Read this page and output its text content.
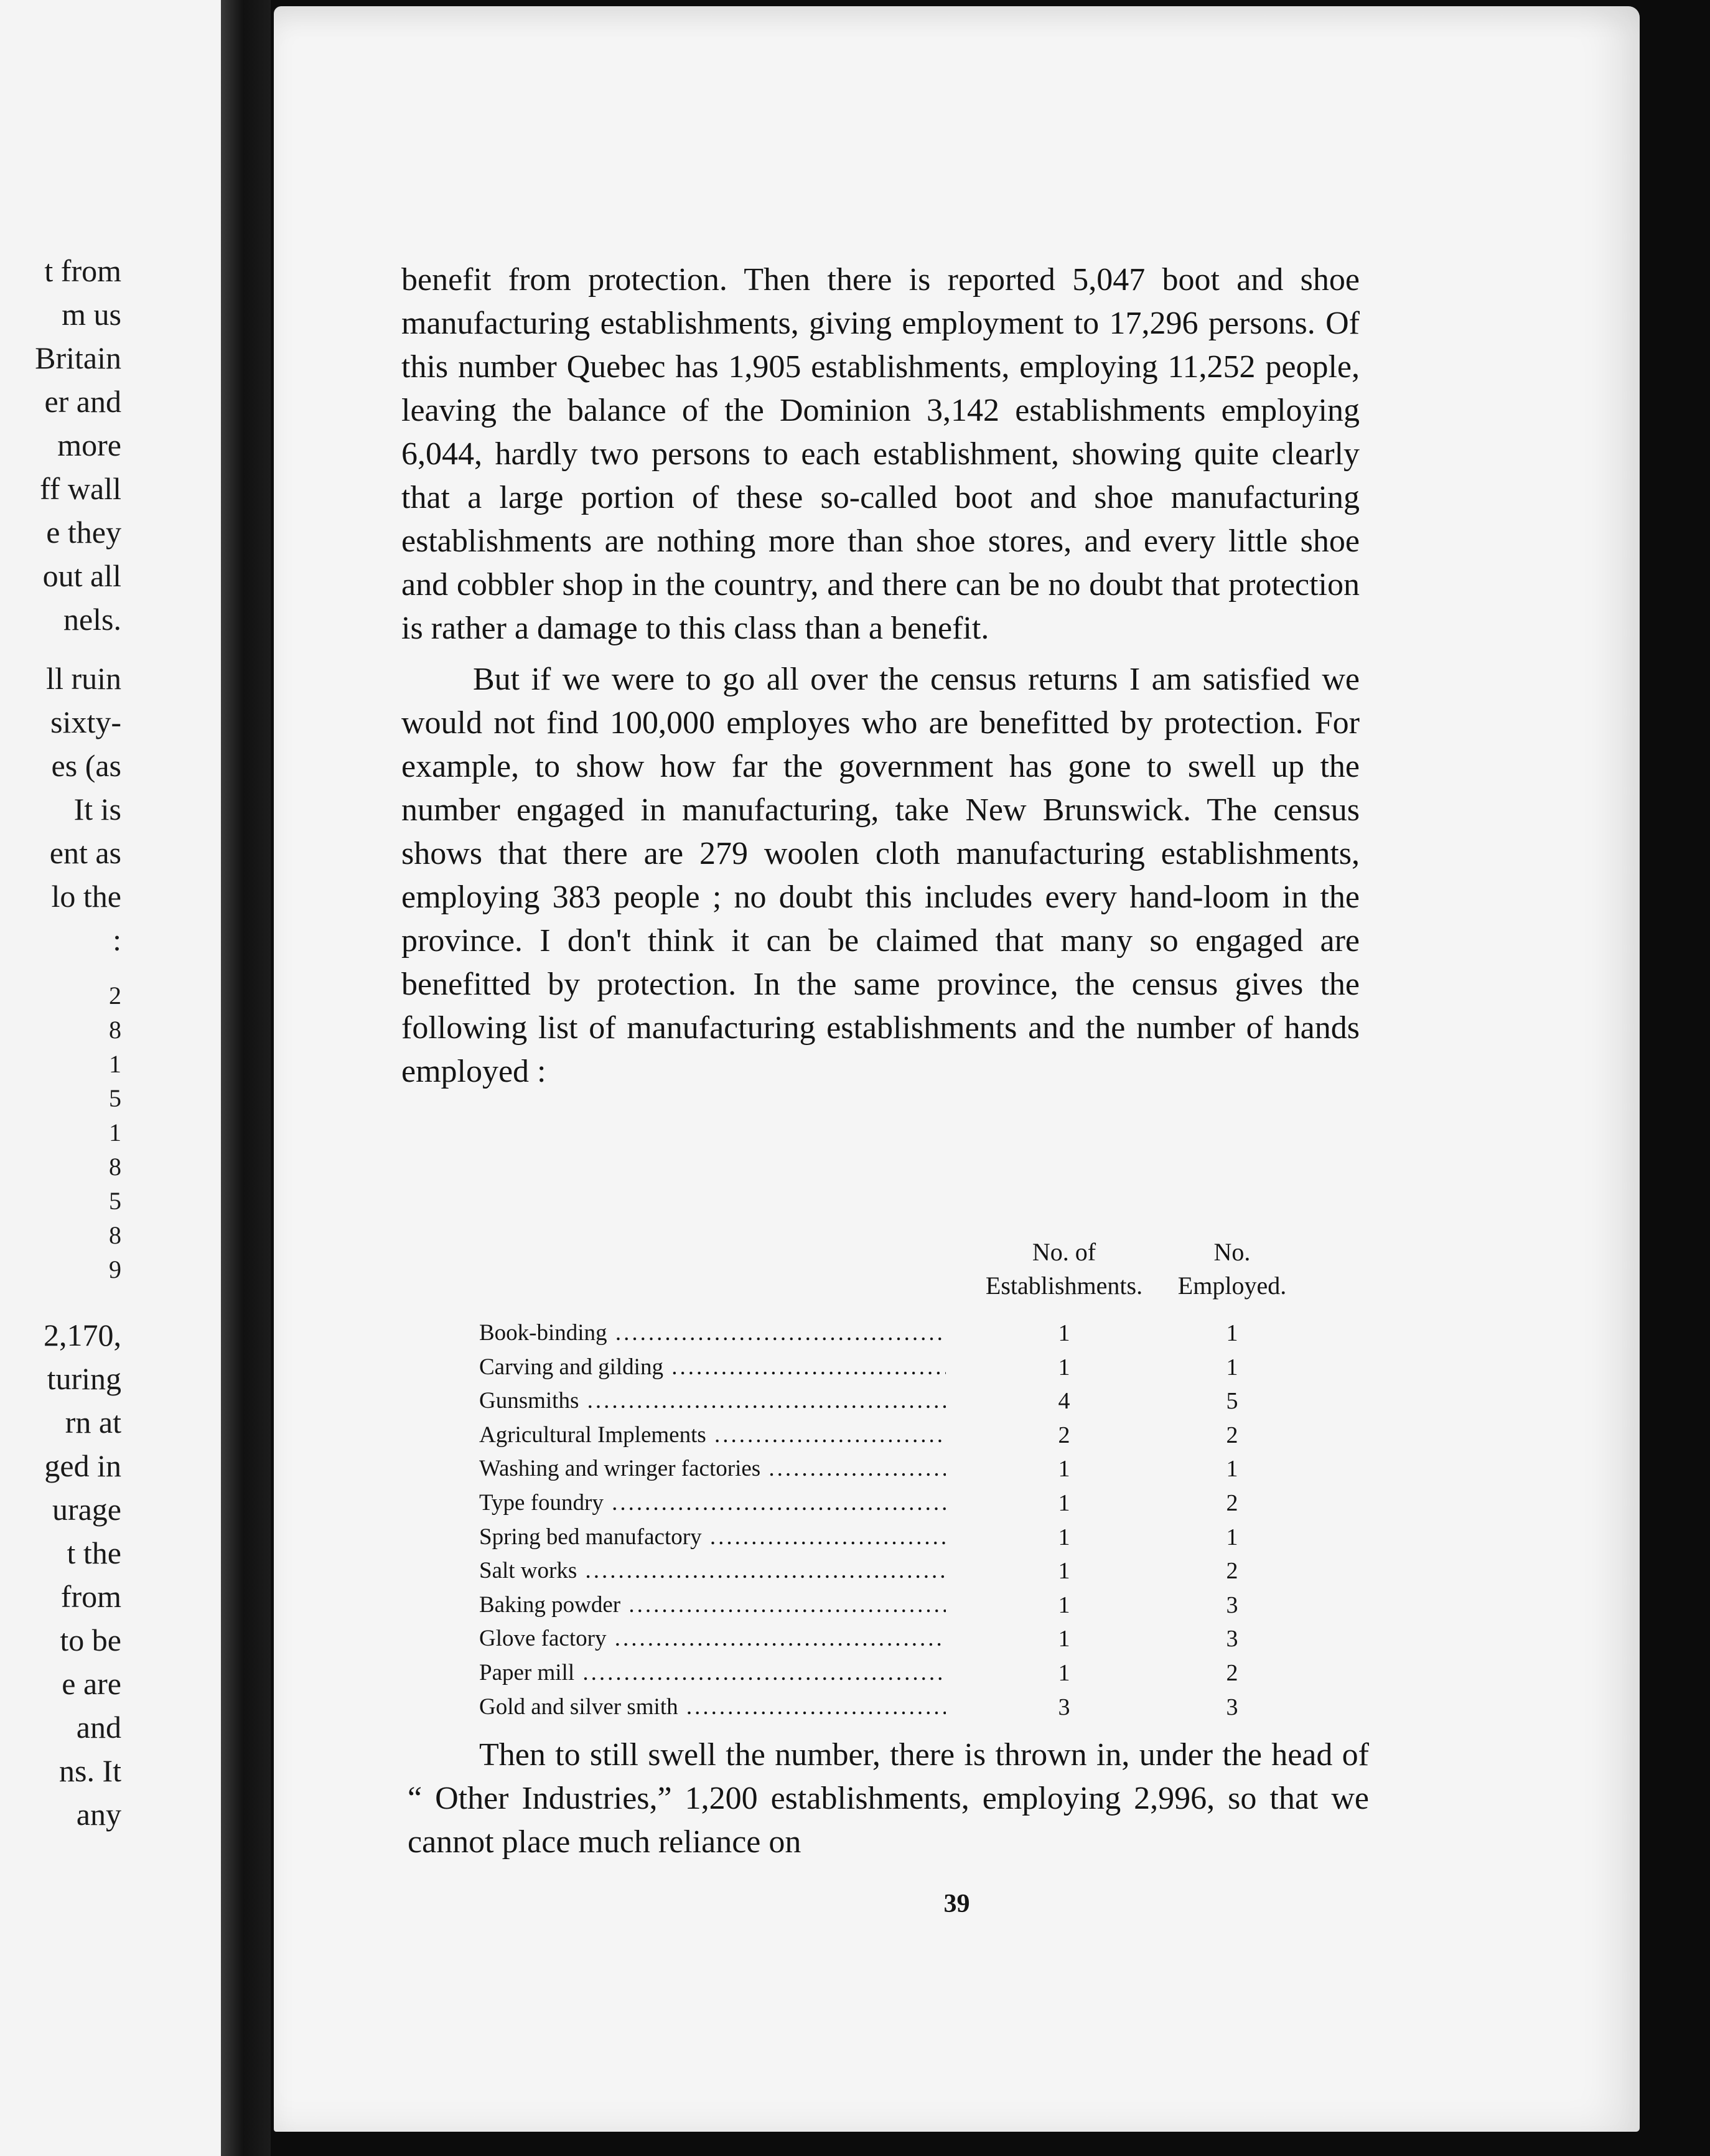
t from
m us
Britain
er and
more
ff wall
e they
out all
nels.
ll ruin
sixty-
es (as
It is
ent as
lo the
:
2
8
1
5
1
8
5
8
9
2,170,
turing
rn at
ged in
urage
t the
from
to be
e are
and
ns. It
any

benefit from protection. Then there is reported 5,047 boot and shoe manufacturing establishments, giving employment to 17,296 persons. Of this number Quebec has 1,905 establishments, employing 11,252 people, leaving the balance of the Dominion 3,142 establishments employing 6,044, hardly two persons to each establishment, showing quite clearly that a large portion of these so-called boot and shoe manufacturing establishments are nothing more than shoe stores, and every little shoe and cobbler shop in the country, and there can be no doubt that protection is rather a damage to this class than a benefit.

But if we were to go all over the census returns I am satisfied we would not find 100,000 employes who are benefitted by protection. For example, to show how far the government has gone to swell up the number engaged in manufacturing, take New Brunswick. The census shows that there are 279 woolen cloth manufacturing establishments, employing 383 people ; no doubt this includes every hand-loom in the province. I don't think it can be claimed that many so engaged are benefitted by protection. In the same province, the census gives the following list of manufacturing establishments and the number of hands employed :

No. of
Establishments.
No.
Employed.
Book-binding .....	1	1
Carving and gilding .....	1	1
Gunsmiths .....	4	5
Agricultural Implements .....	2	2
Washing and wringer factories .....	1	1
Type foundry .....	1	2
Spring bed manufactory .....	1	1
Salt works .....	1	2
Baking powder .....	1	3
Glove factory .....	1	3
Paper mill .....	1	2
Gold and silver smith .....	3	3

Then to still swell the number, there is thrown in, under the head of “ Other Industries,” 1,200 establishments, employing 2,996, so that we cannot place much reliance on

39
